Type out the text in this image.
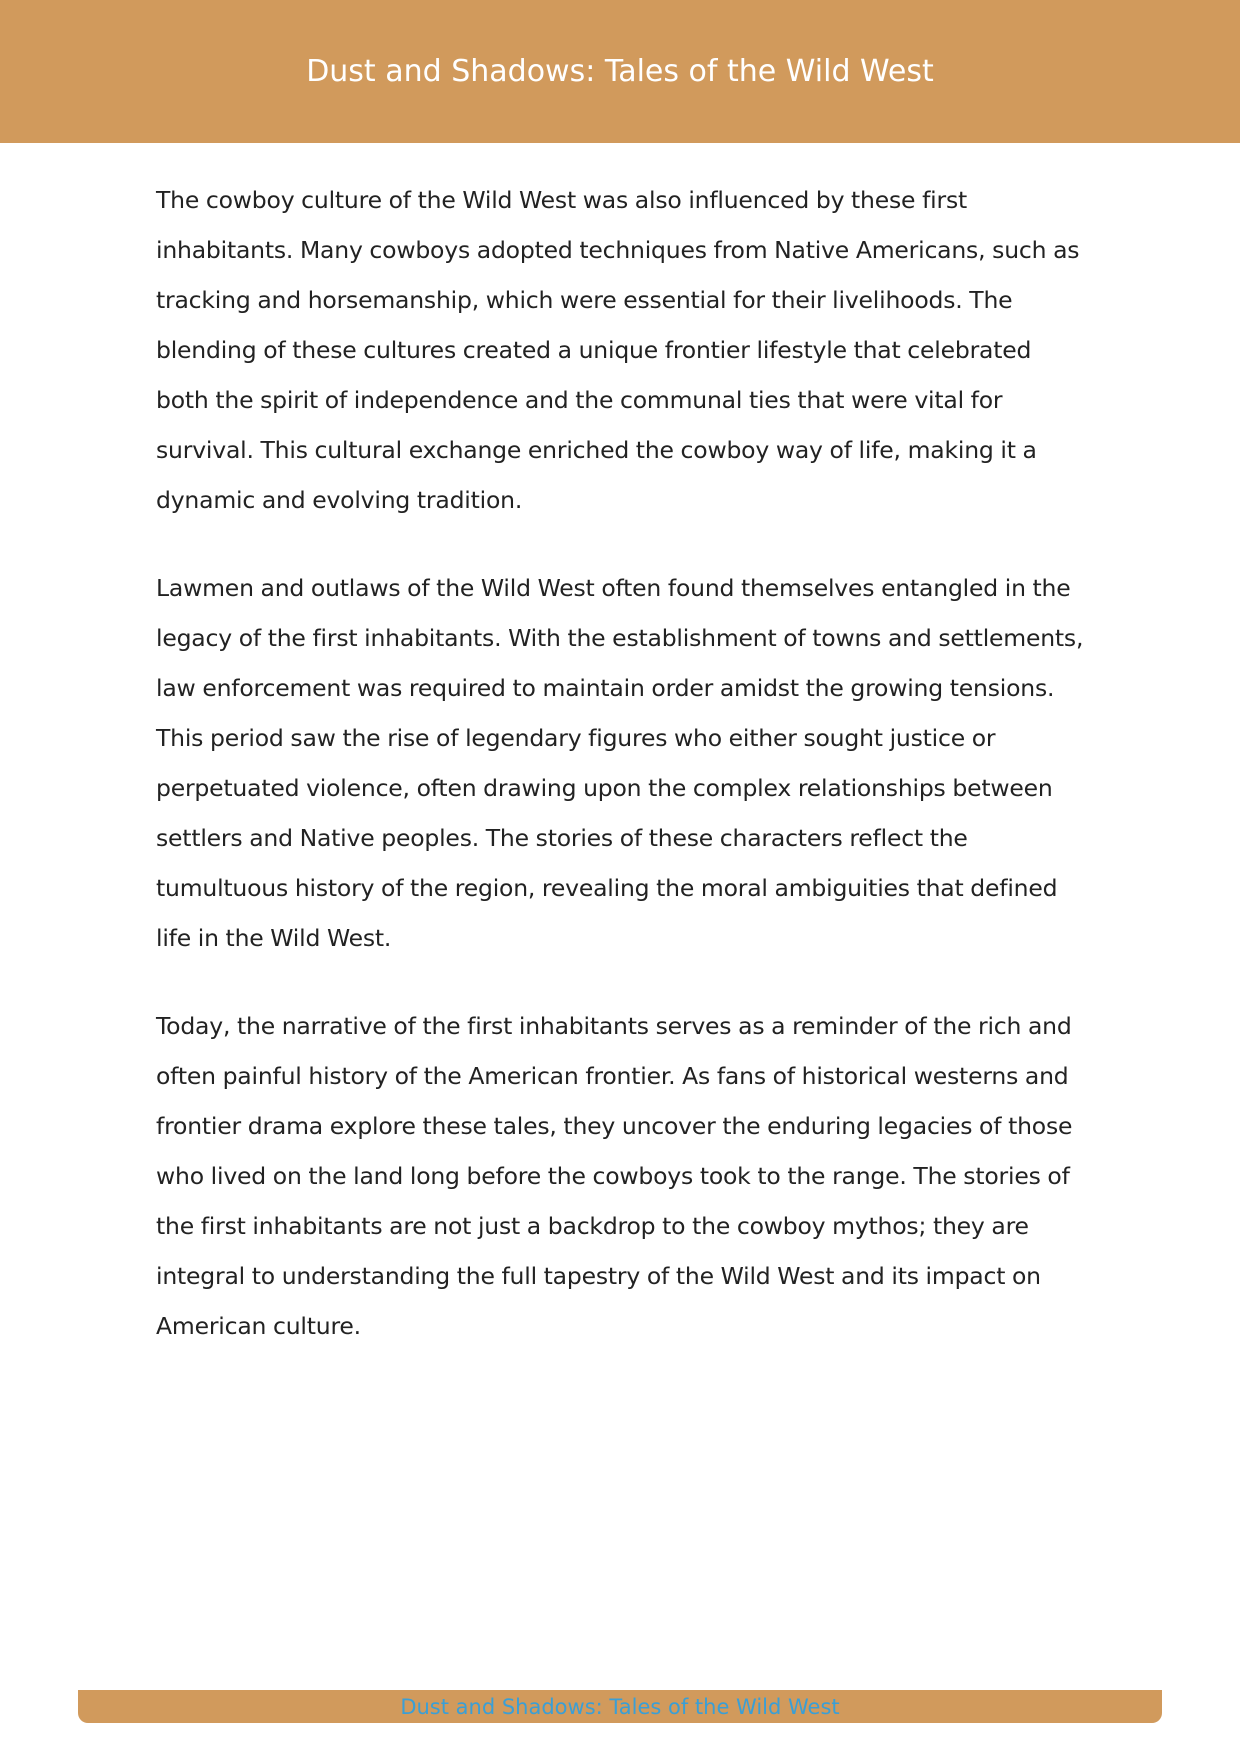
Dust and Shadows: Tales of the Wild West

The cowboy culture of the Wild West was also influenced by these first inhabitants. Many cowboys adopted techniques from Native Americans, such as tracking and horsemanship, which were essential for their livelihoods. The blending of these cultures created a unique frontier lifestyle that celebrated both the spirit of independence and the communal ties that were vital for survival. This cultural exchange enriched the cowboy way of life, making it a dynamic and evolving tradition.

Lawmen and outlaws of the Wild West often found themselves entangled in the legacy of the first inhabitants. With the establishment of towns and settlements, law enforcement was required to maintain order amidst the growing tensions. This period saw the rise of legendary figures who either sought justice or perpetuated violence, often drawing upon the complex relationships between settlers and Native peoples. The stories of these characters reflect the tumultuous history of the region, revealing the moral ambiguities that defined life in the Wild West.

Today, the narrative of the first inhabitants serves as a reminder of the rich and often painful history of the American frontier. As fans of historical westerns and frontier drama explore these tales, they uncover the enduring legacies of those who lived on the land long before the cowboys took to the range. The stories of the first inhabitants are not just a backdrop to the cowboy mythos; they are integral to understanding the full tapestry of the Wild West and its impact on American culture.

Dust and Shadows: Tales of the Wild West
